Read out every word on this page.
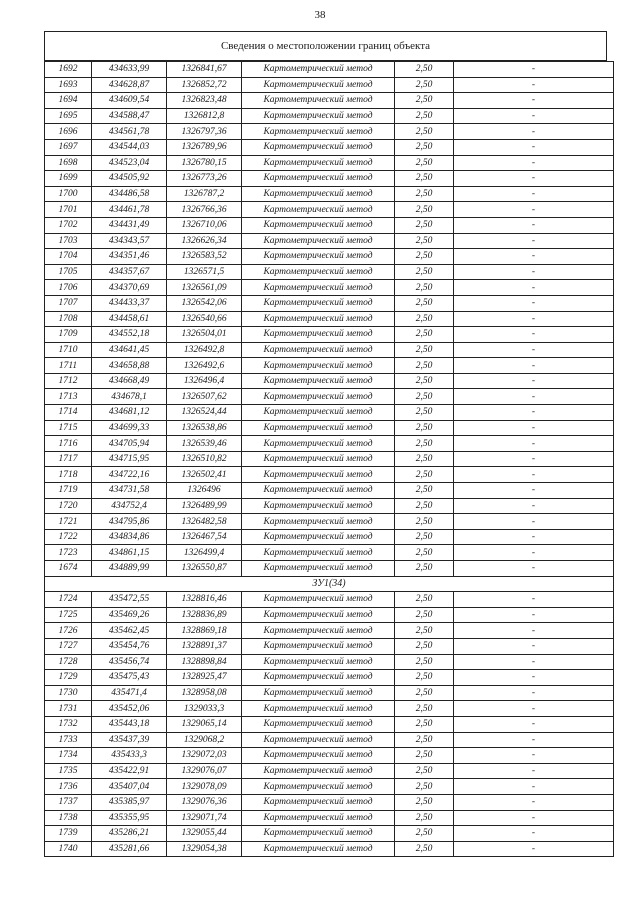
38
Сведения о местоположении границ объекта
1692	434633,99	1326841,67	Картометрический метод	2,50	-
1693	434628,87	1326852,72	Картометрический метод	2,50	-
1694	434609,54	1326823,48	Картометрический метод	2,50	-
1695	434588,47	1326812,8	Картометрический метод	2,50	-
1696	434561,78	1326797,36	Картометрический метод	2,50	-
1697	434544,03	1326789,96	Картометрический метод	2,50	-
1698	434523,04	1326780,15	Картометрический метод	2,50	-
1699	434505,92	1326773,26	Картометрический метод	2,50	-
1700	434486,58	1326787,2	Картометрический метод	2,50	-
1701	434461,78	1326766,36	Картометрический метод	2,50	-
1702	434431,49	1326710,06	Картометрический метод	2,50	-
1703	434343,57	1326626,34	Картометрический метод	2,50	-
1704	434351,46	1326583,52	Картометрический метод	2,50	-
1705	434357,67	1326571,5	Картометрический метод	2,50	-
1706	434370,69	1326561,09	Картометрический метод	2,50	-
1707	434433,37	1326542,06	Картометрический метод	2,50	-
1708	434458,61	1326540,66	Картометрический метод	2,50	-
1709	434552,18	1326504,01	Картометрический метод	2,50	-
1710	434641,45	1326492,8	Картометрический метод	2,50	-
1711	434658,88	1326492,6	Картометрический метод	2,50	-
1712	434668,49	1326496,4	Картометрический метод	2,50	-
1713	434678,1	1326507,62	Картометрический метод	2,50	-
1714	434681,12	1326524,44	Картометрический метод	2,50	-
1715	434699,33	1326538,86	Картометрический метод	2,50	-
1716	434705,94	1326539,46	Картометрический метод	2,50	-
1717	434715,95	1326510,82	Картометрический метод	2,50	-
1718	434722,16	1326502,41	Картометрический метод	2,50	-
1719	434731,58	1326496	Картометрический метод	2,50	-
1720	434752,4	1326489,99	Картометрический метод	2,50	-
1721	434795,86	1326482,58	Картометрический метод	2,50	-
1722	434834,86	1326467,54	Картометрический метод	2,50	-
1723	434861,15	1326499,4	Картометрический метод	2,50	-
1674	434889,99	1326550,87	Картометрический метод	2,50	-
ЗУ1(34)					
1724	435472,55	1328816,46	Картометрический метод	2,50	-
1725	435469,26	1328836,89	Картометрический метод	2,50	-
1726	435462,45	1328869,18	Картометрический метод	2,50	-
1727	435454,76	1328891,37	Картометрический метод	2,50	-
1728	435456,74	1328898,84	Картометрический метод	2,50	-
1729	435475,43	1328925,47	Картометрический метод	2,50	-
1730	435471,4	1328958,08	Картометрический метод	2,50	-
1731	435452,06	1329033,3	Картометрический метод	2,50	-
1732	435443,18	1329065,14	Картометрический метод	2,50	-
1733	435437,39	1329068,2	Картометрический метод	2,50	-
1734	435433,3	1329072,03	Картометрический метод	2,50	-
1735	435422,91	1329076,07	Картометрический метод	2,50	-
1736	435407,04	1329078,09	Картометрический метод	2,50	-
1737	435385,97	1329076,36	Картометрический метод	2,50	-
1738	435355,95	1329071,74	Картометрический метод	2,50	-
1739	435286,21	1329055,44	Картометрический метод	2,50	-
1740	435281,66	1329054,38	Картометрический метод	2,50	-
